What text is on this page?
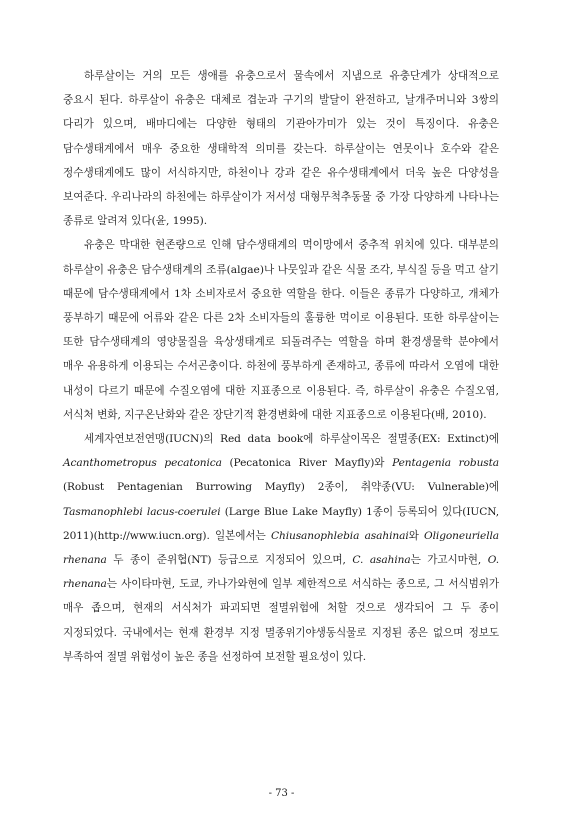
하루살이는 거의 모든 생애를 유충으로서 물속에서 지냄으로 유충단계가 상대적으로 중요시 된다. 하루살이 유충은 대체로 겹눈과 구기의 발달이 완전하고, 날개주머니와 3쌍의 다리가 있으며, 배마디에는 다양한 형태의 기관아가미가 있는 것이 특징이다. 유충은 담수생태계에서 매우 중요한 생태학적 의미를 갖는다. 하루살이는 연못이나 호수와 같은 정수생태계에도 많이 서식하지만, 하천이나 강과 같은 유수생태계에서 더욱 높은 다양성을 보여준다. 우리나라의 하천에는 하루살이가 저서성 대형무척추동물 중 가장 다양하게 나타나는 종류로 알려져 있다(윤, 1995).

유충은 막대한 현존량으로 인해 담수생태계의 먹이망에서 중추적 위치에 있다. 대부분의 하루살이 유충은 담수생태계의 조류(algae)나 나뭇잎과 같은 식물 조각, 부식질 등을 먹고 살기 때문에 담수생태계에서 1차 소비자로서 중요한 역할을 한다. 이들은 종류가 다양하고, 개체가 풍부하기 때문에 어류와 같은 다른 2차 소비자들의 훌륭한 먹이로 이용된다. 또한 하루살이는 또한 담수생태계의 영양물질을 육상생태계로 되돌려주는 역할을 하며 환경생물학 분야에서 매우 유용하게 이용되는 수서곤충이다. 하천에 풍부하게 존재하고, 종류에 따라서 오염에 대한 내성이 다르기 때문에 수질오염에 대한 지표종으로 이용된다. 즉, 하루살이 유충은 수질오염, 서식처 변화, 지구온난화와 같은 장단기적 환경변화에 대한 지표종으로 이용된다(배, 2010).

세계자연보전연맹(IUCN)의 Red data book에 하루살이목은 절멸종(EX: Extinct)에 Acanthometropus pecatonica (Pecatonica River Mayfly)와 Pentagenia robusta (Robust Pentagenian Burrowing Mayfly) 2종이, 취약종(VU: Vulnerable)에 Tasmanophlebi lacus-coerulei (Large Blue Lake Mayfly) 1종이 등록되어 있다(IUCN, 2011)(http://www.iucn.org). 일본에서는 Chiusanophlebia asahinai와 Oligoneuriella rhenana 두 종이 준위협(NT) 등급으로 지정되어 있으며, C. asahina는 가고시마현, O. rhenana는 사이타마현, 도쿄, 카나가와현에 일부 제한적으로 서식하는 종으로, 그 서식범위가 매우 좁으며, 현재의 서식처가 파괴되면 절멸위험에 처할 것으로 생각되어 그 두 종이 지정되었다. 국내에서는 현재 환경부 지정 멸종위기야생동식물로 지정된 종은 없으며 정보도 부족하여 절멸 위험성이 높은 종을 선정하여 보전할 필요성이 있다.

- 73 -
